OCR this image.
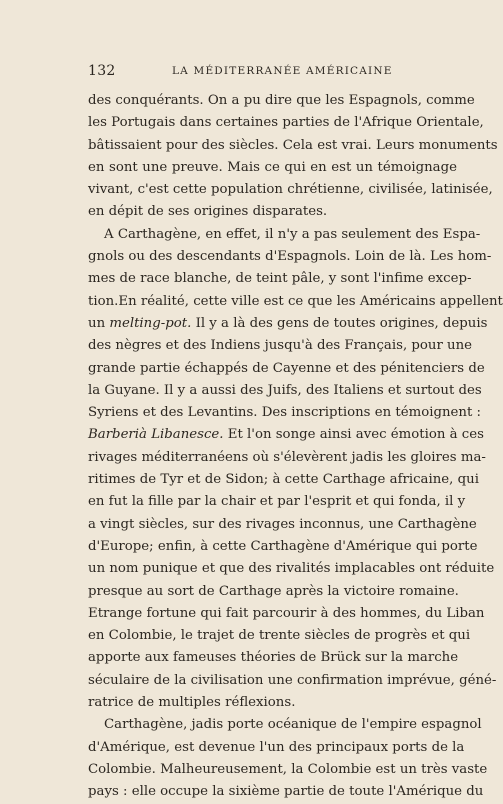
132	LA MÉDITERRANÉE AMÉRICAINE
des conquérants. On a pu dire que les Espagnols, comme
les Portugais dans certaines parties de l'Afrique Orientale,
bâtissaient pour des siècles. Cela est vrai. Leurs monuments
en sont une preuve. Mais ce qui en est un témoignage
vivant, c'est cette population chrétienne, civilisée, latinisée,
en dépit de ses origines disparates.
A Carthagène, en effet, il n'y a pas seulement des Espa-
gnols ou des descendants d'Espagnols. Loin de là. Les hom-
mes de race blanche, de teint pâle, y sont l'infime excep-
tion.En réalité, cette ville est ce que les Américains appellent
un melting-pot. Il y a là des gens de toutes origines, depuis
des nègres et des Indiens jusqu'à des Français, pour une
grande partie échappés de Cayenne et des pénitenciers de
la Guyane. Il y a aussi des Juifs, des Italiens et surtout des
Syriens et des Levantins. Des inscriptions en témoignent :
Barberià Libanesce. Et l'on songe ainsi avec émotion à ces
rivages méditerranéens où s'élevèrent jadis les gloires ma-
ritimes de Tyr et de Sidon; à cette Carthage africaine, qui
en fut la fille par la chair et par l'esprit et qui fonda, il y
a vingt siècles, sur des rivages inconnus, une Carthagène
d'Europe; enfin, à cette Carthagène d'Amérique qui porte
un nom punique et que des rivalités implacables ont réduite
presque au sort de Carthage après la victoire romaine.
Etrange fortune qui fait parcourir à des hommes, du Liban
en Colombie, le trajet de trente siècles de progrès et qui
apporte aux fameuses théories de Brück sur la marche
séculaire de la civilisation une confirmation imprévue, géné-
ratrice de multiples réflexions.
Carthagène, jadis porte océanique de l'empire espagnol
d'Amérique, est devenue l'un des principaux ports de la
Colombie. Malheureusement, la Colombie est un très vaste
pays : elle occupe la sixième partie de toute l'Amérique du
